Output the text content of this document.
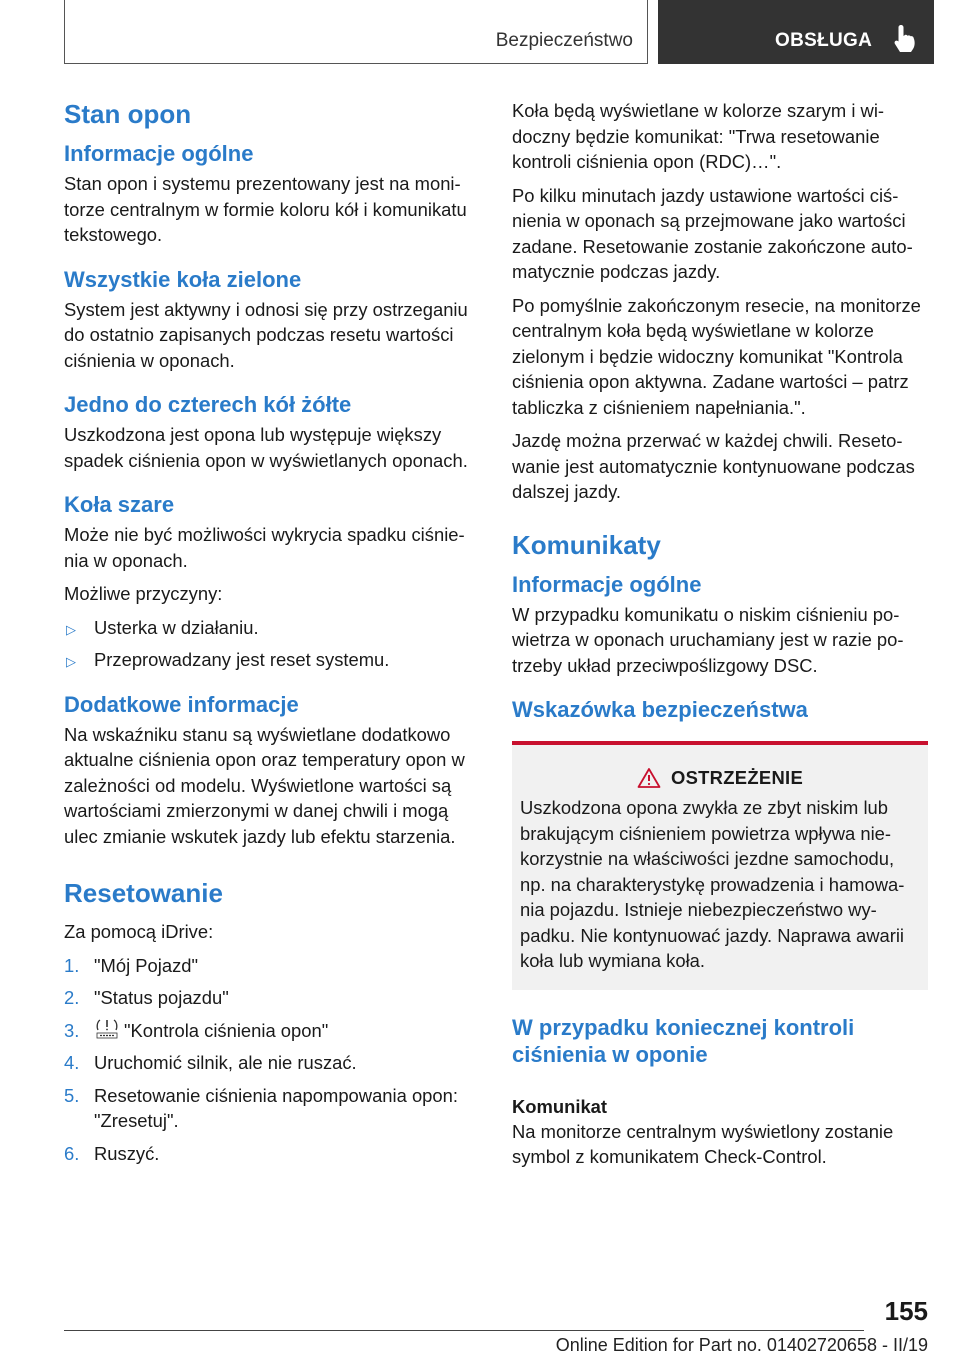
Bezpieczeństwo	OBSŁUGA
Stan opon
Informacje ogólne

Stan opon i systemu prezentowany jest na monitorze centralnym w formie koloru kół i komunikatu tekstowego.

Wszystkie koła zielone

System jest aktywny i odnosi się przy ostrzeganiu do ostatnio zapisanych podczas resetu wartości ciśnienia w oponach.

Jedno do czterech kół żółte

Uszkodzona jest opona lub występuje większy spadek ciśnienia opon w wyświetlanych oponach.

Koła szare

Może nie być możliwości wykrycia spadku ciśnienia w oponach.

Możliwe przyczyny:

▷ Usterka w działaniu.
▷ Przeprowadzany jest reset systemu.
Dodatkowe informacje

Na wskaźniku stanu są wyświetlane dodatkowo aktualne ciśnienia opon oraz temperatury opon w zależności od modelu. Wyświetlone wartości są wartościami zmierzonymi w danej chwili i mogą ulec zmianie wskutek jazdy lub efektu starzenia.

Resetowanie

Za pomocą iDrive:

1. "Mój Pojazd"
2. "Status pojazdu"
3. "Kontrola ciśnienia opon"
4. Uruchomić silnik, ale nie ruszać.
5. Resetowanie ciśnienia napompowania opon: "Zresetuj".
6. Ruszyć.

Koła będą wyświetlane w kolorze szarym i widoczny będzie komunikat: "Trwa resetowanie kontroli ciśnienia opon (RDC)…".

Po kilku minutach jazdy ustawione wartości ciśnienia w oponach są przejmowane jako wartości zadane. Resetowanie zostanie zakończone automatycznie podczas jazdy.

Po pomyślnie zakończonym resecie, na monitorze centralnym koła będą wyświetlane w kolorze zielonym i będzie widoczny komunikat "Kontrola ciśnienia opon aktywna. Zadane wartości – patrz tabliczka z ciśnieniem napełniania.".

Jazdę można przerwać w każdej chwili. Resetowanie jest automatycznie kontynuowane podczas dalszej jazdy.

Komunikaty
Informacje ogólne

W przypadku komunikatu o niskim ciśnieniu powietrza w oponach uruchamiany jest w razie potrzeby układ przeciwpoślizgowy DSC.

Wskazówka bezpieczeństwa
OSTRZEŻENIE

Uszkodzona opona zwykła ze zbyt niskim lub brakującym ciśnieniem powietrza wpływa niekorzystnie na właściwości jezdne samochodu, np. na charakterystykę prowadzenia i hamowania pojazdu. Istnieje niebezpieczeństwo wypadku. Nie kontynuować jazdy. Naprawa awarii koła lub wymiana koła.

W przypadku koniecznej kontroli ciśnienia w oponie
Komunikat

Na monitorze centralnym wyświetlony zostanie symbol z komunikatem Check-Control.

155
Online Edition for Part no. 01402720658 - II/19
